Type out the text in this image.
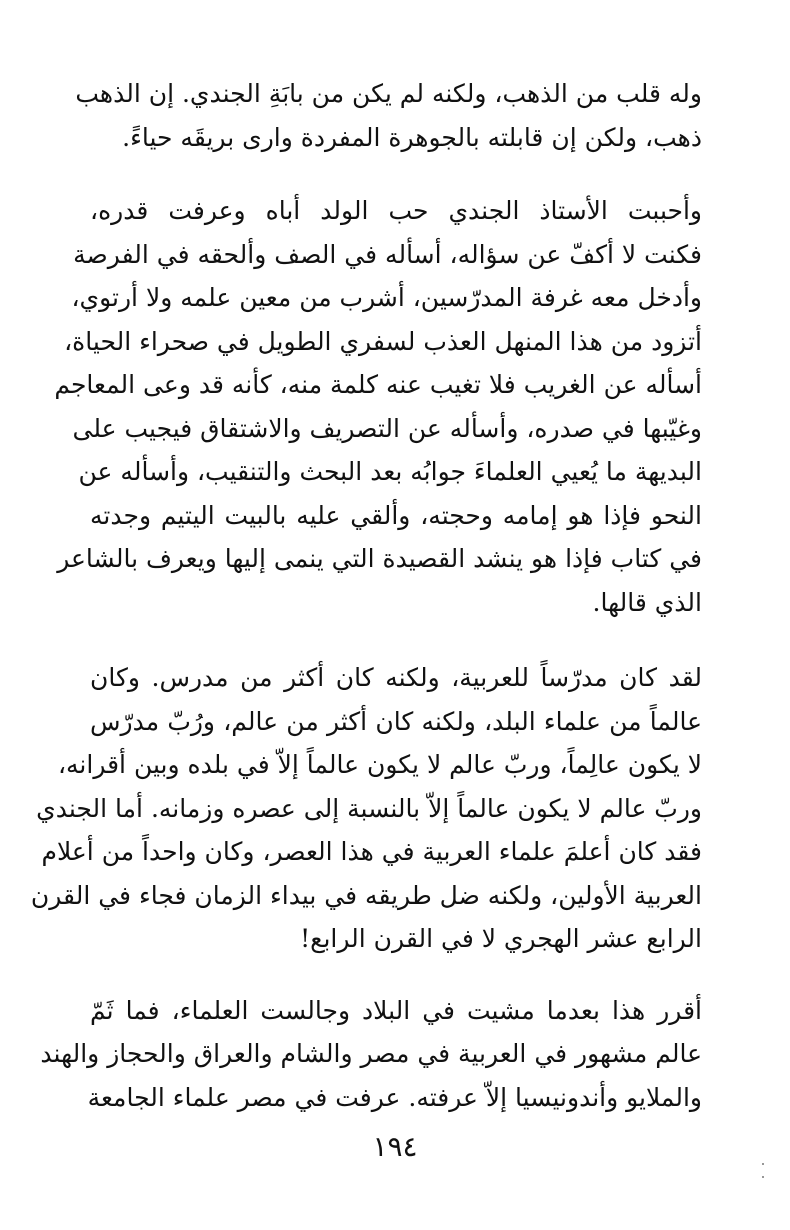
وله قلب من الذهب، ولكنه لم يكن من بابَةِ الجندي. إن الذهب
ذهب، ولكن إن قابلته بالجوهرة المفردة وارى بريقَه حياءً.
وأحببت الأستاذ الجندي حب الولد أباه وعرفت قدره،
فكنت لا أكفّ عن سؤاله، أسأله في الصف وألحقه في الفرصة
وأدخل معه غرفة المدرّسين، أشرب من معين علمه ولا أرتوي،
أتزود من هذا المنهل العذب لسفري الطويل في صحراء الحياة،
أسأله عن الغريب فلا تغيب عنه كلمة منه، كأنه قد وعى المعاجم
وغيّبها في صدره، وأسأله عن التصريف والاشتقاق فيجيب على
البديهة ما يُعيي العلماءَ جوابُه بعد البحث والتنقيب، وأسأله عن
النحو فإذا هو إمامه وحجته، وألقي عليه بالبيت اليتيم وجدته
في كتاب فإذا هو ينشد القصيدة التي ينمى إليها ويعرف بالشاعر
الذي قالها.
لقد كان مدرّساً للعربية، ولكنه كان أكثر من مدرس. وكان
عالماً من علماء البلد، ولكنه كان أكثر من عالم، ورُبّ مدرّس
لا يكون عالِماً، وربّ عالم لا يكون عالماً إلاّ في بلده وبين أقرانه،
وربّ عالم لا يكون عالماً إلاّ بالنسبة إلى عصره وزمانه. أما الجندي
فقد كان أعلمَ علماء العربية في هذا العصر، وكان واحداً من أعلام
العربية الأولين، ولكنه ضل طريقه في بيداء الزمان فجاء في القرن
الرابع عشر الهجري لا في القرن الرابع!
أقرر هذا بعدما مشيت في البلاد وجالست العلماء، فما ثَمّ
عالم مشهور في العربية في مصر والشام والعراق والحجاز والهند
والملايو وأندونيسيا إلاّ عرفته. عرفت في مصر علماء الجامعة
١٩٤
